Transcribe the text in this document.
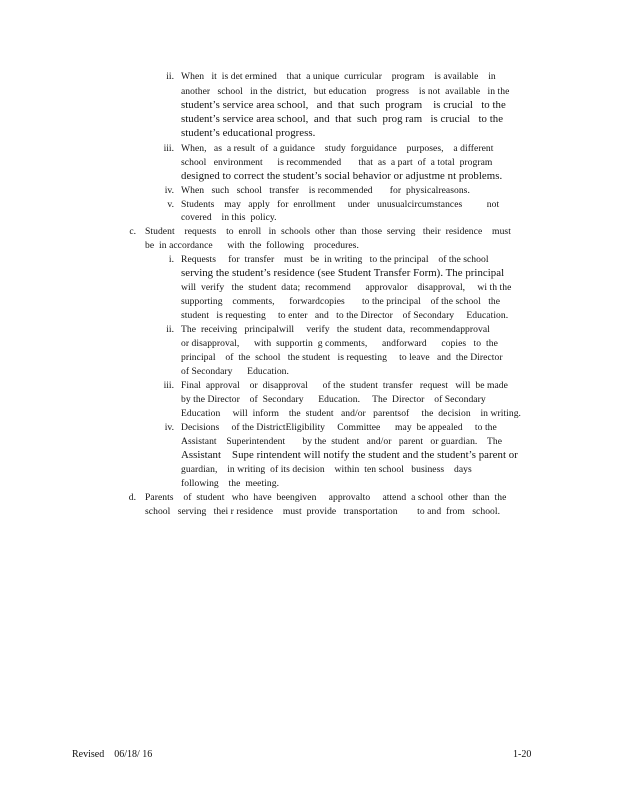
ii. When   it  is det ermined    that  a unique  curricular    program    is available    in
another   school   in the  district,   but education    progress    is not  available   in the
student’s service area school,   and  that  such  program    is crucial   to the
student’s service area school,  and  that  such  prog ram   is crucial   to the
student’s educational progress.
iii. When,   as  a result  of  a guidance    study  forguidance    purposes,    a different
school   environment      is recommended       that  as  a part  of  a total  program
designed to correct the student’s social behavior or adjustme nt problems.
iv. When   such   school   transfer    is recommended       for  physicalreasons.
v. Students    may   apply   for  enrollment     under   unusualcircumstances          not
covered    in this  policy.
c. Student    requests    to  enroll   in  schools  other  than  those  serving   their  residence    must
be  in accordance      with  the  following    procedures.
i. Requests     for  transfer    must   be  in writing   to the principal    of the school
serving the student’s residence (see Student Transfer Form). The principal
will  verify   the  student  data;  recommend      approvalor    disapproval,     wi th the
supporting    comments,      forwardcopies       to the principal    of the school   the
student   is requesting     to enter   and   to the Director    of Secondary     Education.
ii. The  receiving   principalwill     verify   the  student  data,  recommendapproval
or disapproval,      with  supportin  g comments,      andforward      copies   to  the
principal    of  the  school   the student   is requesting     to leave   and  the Director
of Secondary      Education.
iii. Final  approval    or  disapproval      of the  student  transfer   request   will  be made
by the Director    of  Secondary      Education.     The  Director    of Secondary
Education     will  inform    the  student   and/or   parentsof     the  decision    in writing.
iv. Decisions     of the DistrictEligibility     Committee      may  be appealed     to the
Assistant    Superintendent       by the  student   and/or   parent   or guardian.    The
Assistant    Supe rintendent will notify the student and the student’s parent or
guardian,    in writing  of its decision    within  ten school   business    days
following    the  meeting.
d. Parents    of  student   who  have  beengiven     approvalto     attend  a school  other  than  the
school   serving   thei r residence    must  provide   transportation        to and  from   school.
Revised    06/18/ 16	1-20
